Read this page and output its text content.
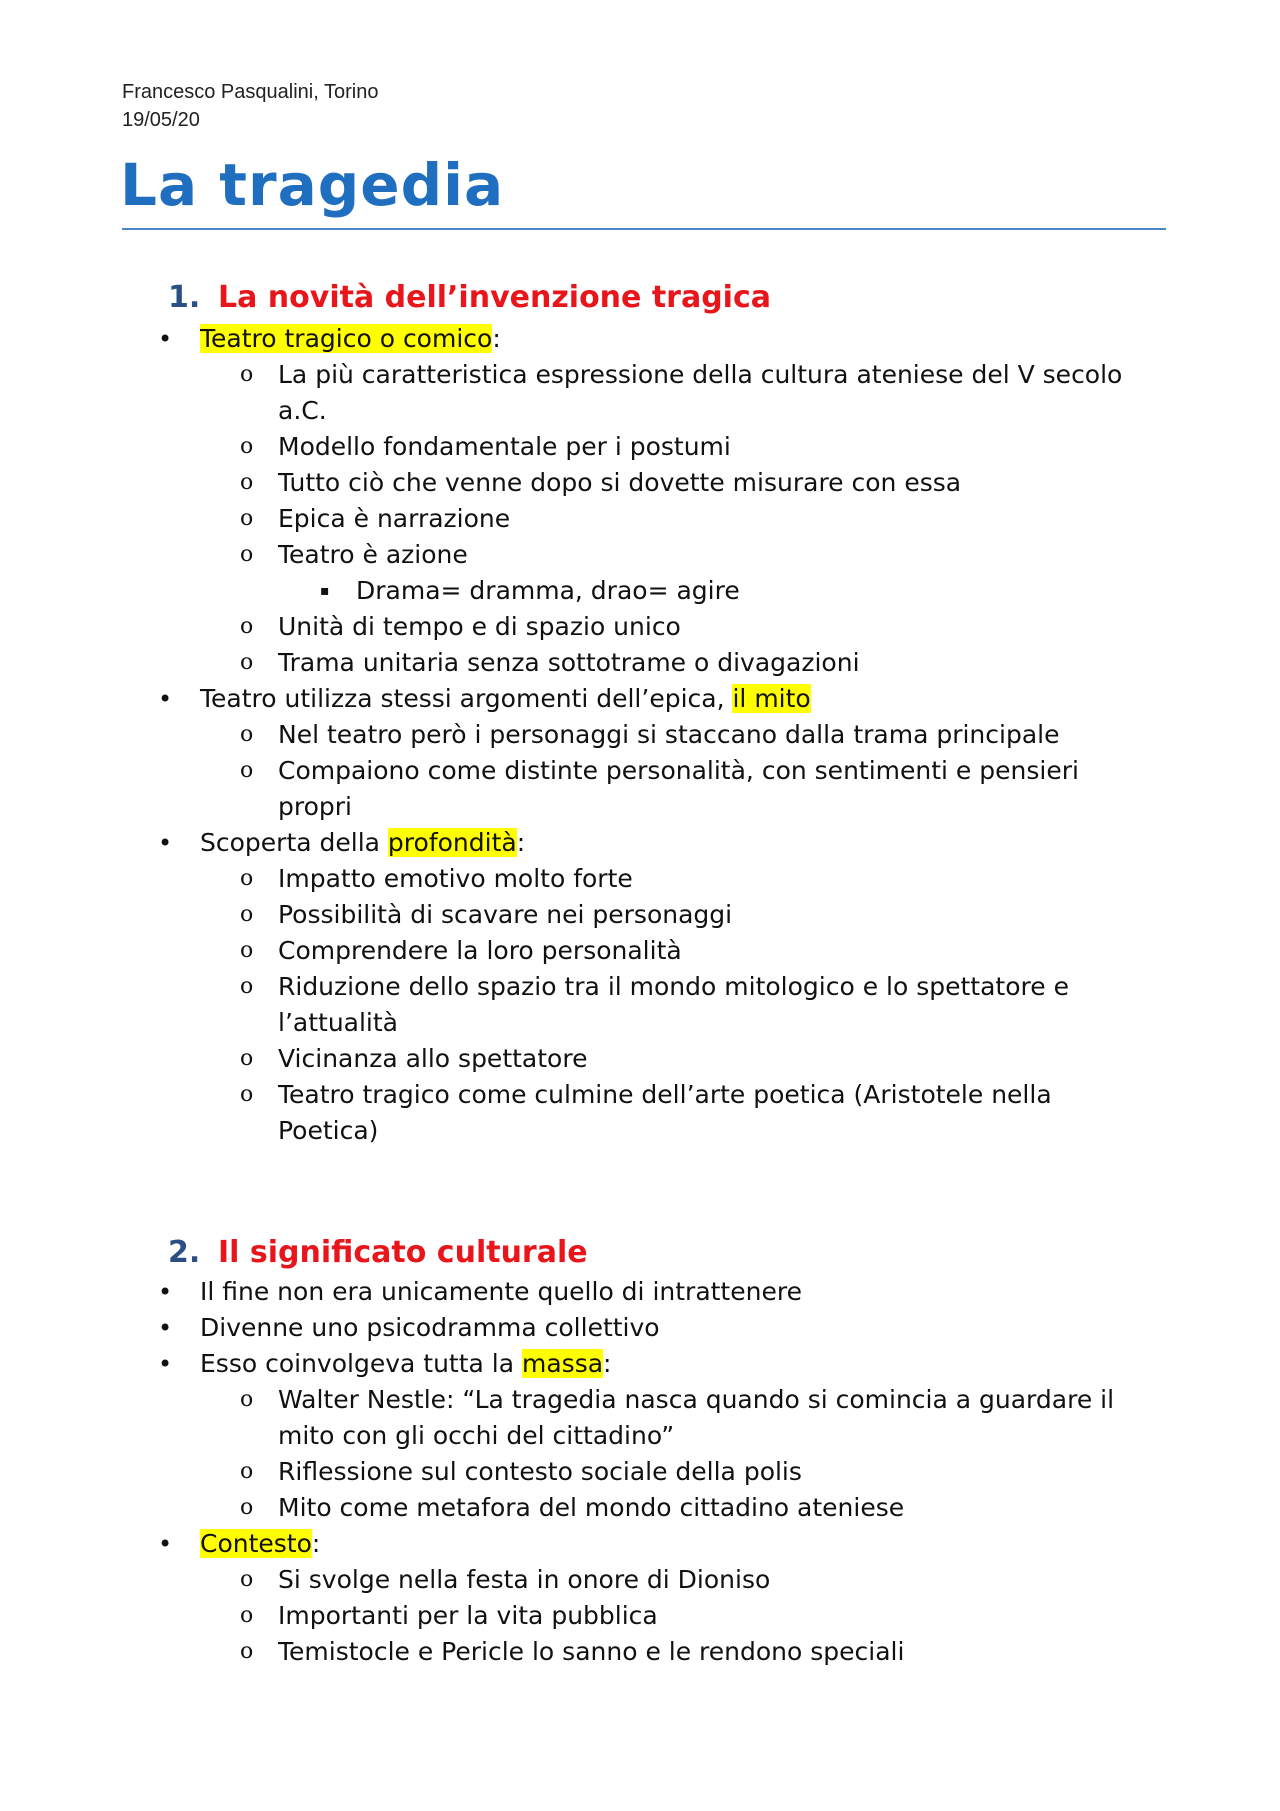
Francesco Pasqualini, Torino
19/05/20
La tragedia
1. La novità dell’invenzione tragica
• Teatro tragico o comico:
o La più caratteristica espressione della cultura ateniese del V secolo
a.C.
o Modello fondamentale per i postumi
o Tutto ciò che venne dopo si dovette misurare con essa
o Epica è narrazione
o Teatro è azione
▪ Drama= dramma, drao= agire
o Unità di tempo e di spazio unico
o Trama unitaria senza sottotrame o divagazioni
• Teatro utilizza stessi argomenti dell’epica, il mito
o Nel teatro però i personaggi si staccano dalla trama principale
o Compaiono come distinte personalità, con sentimenti e pensieri
propri
• Scoperta della profondità:
o Impatto emotivo molto forte
o Possibilità di scavare nei personaggi
o Comprendere la loro personalità
o Riduzione dello spazio tra il mondo mitologico e lo spettatore e
l’attualità
o Vicinanza allo spettatore
o Teatro tragico come culmine dell’arte poetica (Aristotele nella
Poetica)
2. Il significato culturale
• Il fine non era unicamente quello di intrattenere
• Divenne uno psicodramma collettivo
• Esso coinvolgeva tutta la massa:
o Walter Nestle: “La tragedia nasca quando si comincia a guardare il
mito con gli occhi del cittadino”
o Riflessione sul contesto sociale della polis
o Mito come metafora del mondo cittadino ateniese
• Contesto:
o Si svolge nella festa in onore di Dioniso
o Importanti per la vita pubblica
o Temistocle e Pericle lo sanno e le rendono speciali
